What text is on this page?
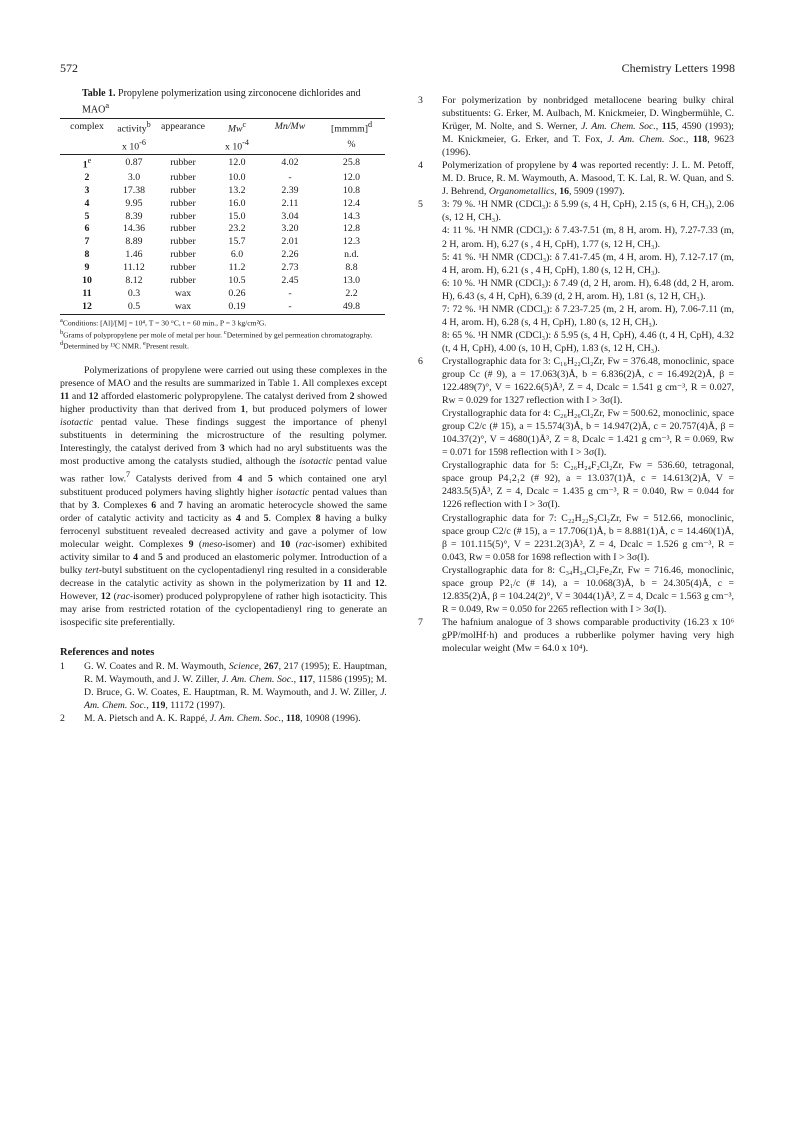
572	Chemistry Letters 1998
Table 1. Propylene polymerization using zirconocene dichlorides and MAO$^a$
complex	activity$^b$	appearance	Mw$^c$	Mn/Mw	[mmmm]$^d$
	x $10^{-6}$		x $10^{-4}$		%
1e	0.87	rubber	12.0	4.02	25.8
2	3.0	rubber	10.0	-	12.0
3	17.38	rubber	13.2	2.39	10.8
4	9.95	rubber	16.0	2.11	12.4
5	8.39	rubber	15.0	3.04	14.3
6	14.36	rubber	23.2	3.20	12.8
7	8.89	rubber	15.7	2.01	12.3
8	1.46	rubber	6.0	2.26	n.d.
9	11.12	rubber	11.2	2.73	8.8
10	8.12	rubber	10.5	2.45	13.0
11	0.3	wax	0.26	-	2.2
12	0.5	wax	0.19	-	49.8
$^a$Conditions: [Al]/[M] = 10⁴, T = 30 °C, t = 60 min., P = 3 kg/cm²G.
$^b$Grams of polypropylene per mole of metal per hour. $^c$Determined by gel permeation chromatography. $^d$Determined by ¹³C NMR. $^e$Present result.
Polymerizations of propylene were carried out using these complexes in the presence of MAO and the results are summarized in Table 1. All complexes except 11 and 12 afforded elastomeric polypropylene. The catalyst derived from 2 showed higher productivity than that derived from 1, but produced polymers of lower isotactic pentad value. These findings suggest the importance of phenyl substituents in determining the microstructure of the resulting polymer. Interestingly, the catalyst derived from 3 which had no aryl substituents was the most productive among the catalysts studied, although the isotactic pentad value was rather low.$^7$ Catalysts derived from 4 and 5 which contained one aryl substituent produced polymers having slightly higher isotactic pentad values than that by 3. Complexes 6 and 7 having an aromatic heterocycle showed the same order of catalytic activity and tacticity as 4 and 5. Complex 8 having a bulky ferrocenyl substituent revealed decreased activity and gave a polymer of low molecular weight. Complexes 9 (meso-isomer) and 10 (rac-isomer) exhibited activity similar to 4 and 5 and produced an elastomeric polymer. Introduction of a bulky tert-butyl substituent on the cyclopentadienyl ring resulted in a considerable decrease in the catalytic activity as shown in the polymerization by 11 and 12. However, 12 (rac-isomer) produced polypropylene of rather high isotacticity. This may arise from restricted rotation of the cyclopentadienyl ring to generate an isospecific site preferentially.
References and notes
1	G. W. Coates and R. M. Waymouth, Science, 267, 217 (1995); E. Hauptman, R. M. Waymouth, and J. W. Ziller, J. Am. Chem. Soc., 117, 11586 (1995); M. D. Bruce, G. W. Coates, E. Hauptman, R. M. Waymouth, and J. W. Ziller, J. Am. Chem. Soc., 119, 11172 (1997).
2	M. A. Pietsch and A. K. Rappé, J. Am. Chem. Soc., 118, 10908 (1996).
3	For polymerization by nonbridged metallocene bearing bulky chiral substituents: G. Erker, M. Aulbach, M. Knickmeier, D. Wingbermühle, C. Krüger, M. Nolte, and S. Werner, J. Am. Chem. Soc., 115, 4590 (1993); M. Knickmeier, G. Erker, and T. Fox, J. Am. Chem. Soc., 118, 9623 (1996).
4	Polymerization of propylene by 4 was reported recently: J. L. M. Petoff, M. D. Bruce, R. M. Waymouth, A. Masood, T. K. Lal, R. W. Quan, and S. J. Behrend, Organometallics, 16, 5909 (1997).
5	3: 79 %. ¹H NMR (CDCl₃): δ 5.99 (s, 4 H, CpH), 2.15 (s, 6 H, CH₃), 2.06 (s, 12 H, CH₃).
4: 11 %. ¹H NMR (CDCl₃): δ 7.43-7.51 (m, 8 H, arom. H), 7.27-7.33 (m, 2 H, arom. H), 6.27 (s , 4 H, CpH), 1.77 (s, 12 H, CH₃).
5: 41 %. ¹H NMR (CDCl₃): δ 7.41-7.45 (m, 4 H, arom. H), 7.12-7.17 (m, 4 H, arom. H), 6.21 (s , 4 H, CpH), 1.80 (s, 12 H, CH₃).
6: 10 %. ¹H NMR (CDCl₃): δ 7.49 (d, 2 H, arom. H), 6.48 (dd, 2 H, arom. H), 6.43 (s, 4 H, CpH), 6.39 (d, 2 H, arom. H), 1.81 (s, 12 H, CH₃).
7: 72 %. ¹H NMR (CDCl₃): δ 7.23-7.25 (m, 2 H, arom. H), 7.06-7.11 (m, 4 H, arom. H), 6.28 (s, 4 H, CpH), 1.80 (s, 12 H, CH₃).
8: 65 %. ¹H NMR (CDCl₃): δ 5.95 (s, 4 H, CpH), 4.46 (t, 4 H, CpH), 4.32 (t, 4 H, CpH), 4.00 (s, 10 H, CpH), 1.83 (s, 12 H, CH₃).
6	Crystallographic data for 3: C₁₆H₂₂Cl₂Zr, Fw = 376.48, monoclinic, space group Cc (# 9), a = 17.063(3)Å, b = 6.836(2)Å, c = 16.492(2)Å, β = 122.489(7)°, V = 1622.6(5)Å³, Z = 4, Dcalc = 1.541 g cm⁻³, R = 0.027, Rw = 0.029 for 1327 reflection with I > 3σ(I).
Crystallographic data for 4: C₂₆H₂₆Cl₂Zr, Fw = 500.62, monoclinic, space group C2/c (# 15), a = 15.574(3)Å, b = 14.947(2)Å, c = 20.757(4)Å, β = 104.37(2)°, V = 4680(1)Å³, Z = 8, Dcalc = 1.421 g cm⁻³, R = 0.069, Rw = 0.071 for 1598 reflection with I > 3σ(I).
Crystallographic data for 5: C₂₆H₂₄F₂Cl₂Zr, Fw = 536.60, tetragonal, space group P4₁2₁2 (# 92), a = 13.037(1)Å, c = 14.613(2)Å, V = 2483.5(5)Å³, Z = 4, Dcalc = 1.435 g cm⁻³, R = 0.040, Rw = 0.044 for 1226 reflection with I > 3σ(I).
Crystallographic data for 7: C₂₂H₂₂S₂Cl₂Zr, Fw = 512.66, monoclinic, space group C2/c (# 15), a = 17.706(1)Å, b = 8.881(1)Å, c = 14.460(1)Å, β = 101.115(5)°, V = 2231.2(3)Å³, Z = 4, Dcalc = 1.526 g cm⁻³, R = 0.043, Rw = 0.058 for 1698 reflection with I > 3σ(I).
Crystallographic data for 8: C₃₄H₃₄Cl₂Fe₂Zr, Fw = 716.46, monoclinic, space group P2₁/c (# 14), a = 10.068(3)Å, b = 24.305(4)Å, c = 12.835(2)Å, β = 104.24(2)°, V = 3044(1)Å³, Z = 4, Dcalc = 1.563 g cm⁻³, R = 0.049, Rw = 0.050 for 2265 reflection with I > 3σ(I).
7	The hafnium analogue of 3 shows comparable productivity (16.23 x 10⁶ gPP/molHf·h) and produces a rubberlike polymer having very high molecular weight (Mw = 64.0 x 10⁴).
